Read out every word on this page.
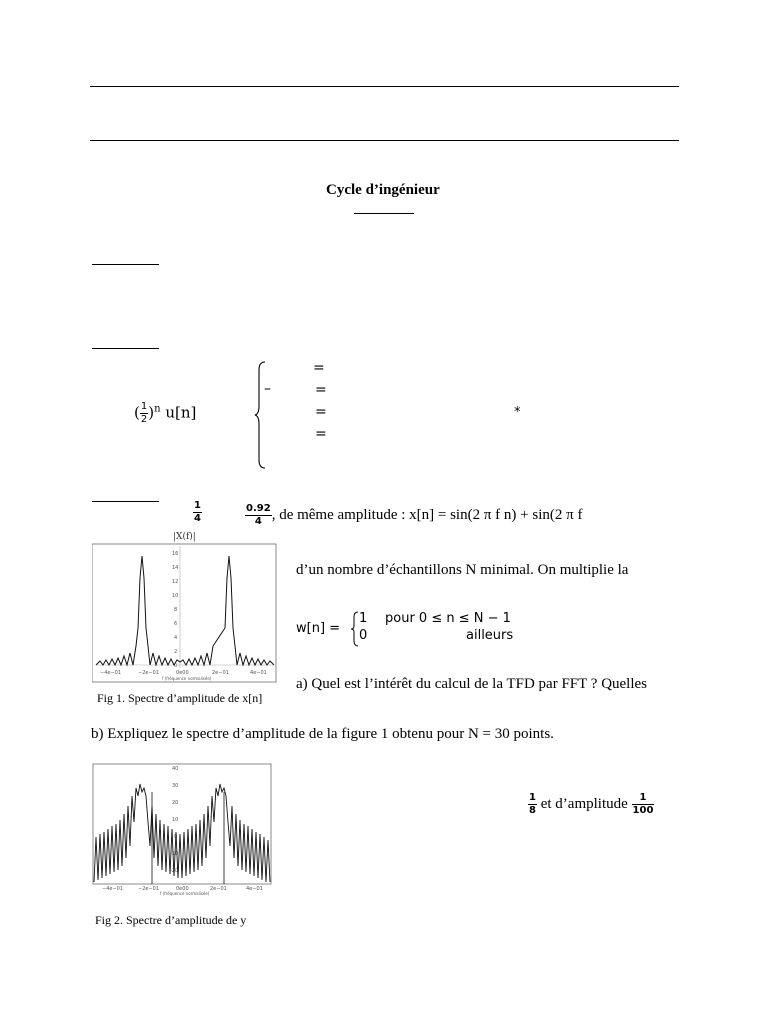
Cycle d’ingénieur
( $\frac{1}{2} )^n$ u[n]
–
=
=
=
=
*
$\frac{1}{4}$	$\frac{0.92}{4}$ , de même amplitude : x[n] = sin(2 π f n) + sin(2 π f
d’un nombre d’échantillons N minimal. On multiplie la
w[n] =
1 pour 0 ≤ n ≤ N − 1
0	ailleurs
|X(f)|
16
14
12
10
8
6
4
2
0
−4e−01	−2e−01	0e00	2e−01	4e−01
f (fréquence normalisée)
Fig 1. Spectre d’amplitude de x[n]
a) Quel est l’intérêt du calcul de la TFD par FFT ? Quelles
b) Expliquez le spectre d’amplitude de la figure 1 obtenu pour N = 30 points.
40
30
20
10
0
-10
-20
−4e−01	−2e−01	0e00	2e−01	4e−01
f (fréquence normalisée)
Fig 2. Spectre d’amplitude de y
$\frac{1}{8}$ et d’amplitude $\frac{1}{100}$
